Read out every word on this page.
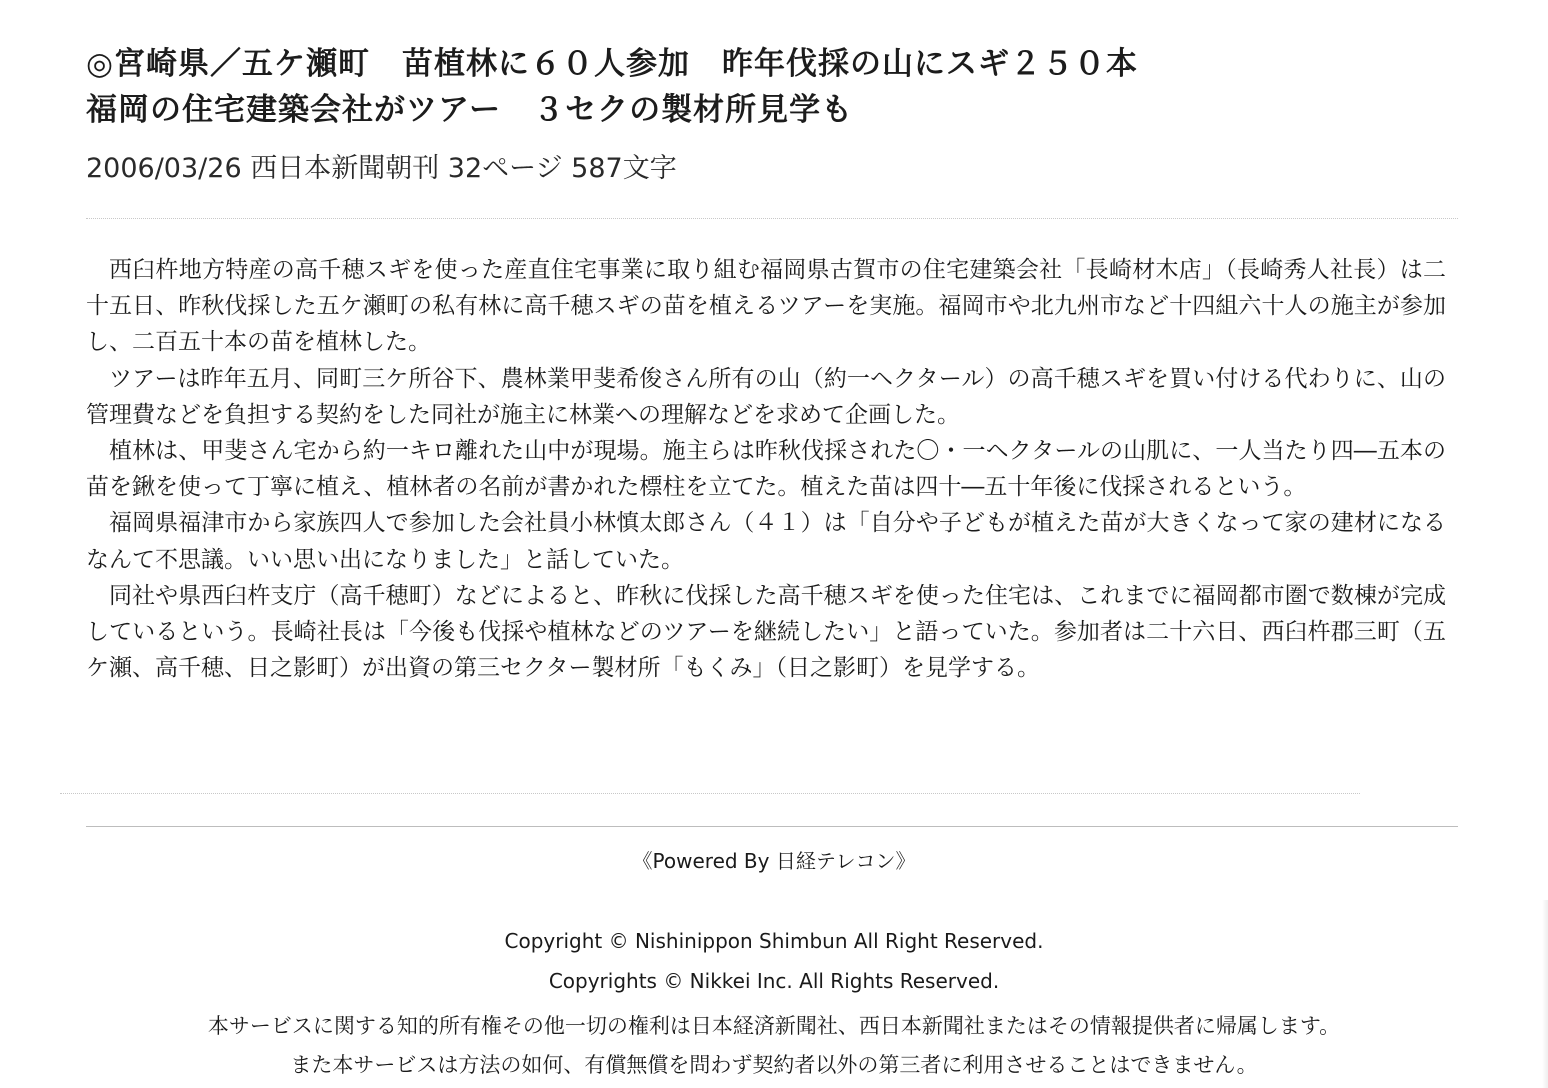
◎宮崎県／五ケ瀬町　苗植林に６０人参加　昨年伐採の山にスギ２５０本
福岡の住宅建築会社がツアー　３セクの製材所見学も
2006/03/26 西日本新聞朝刊 32ページ 587文字

西臼杵地方特産の高千穂スギを使った産直住宅事業に取り組む福岡県古賀市の住宅建築会社「長崎材木店」（長崎秀人社長）は二十五日、昨秋伐採した五ケ瀬町の私有林に高千穂スギの苗を植えるツアーを実施。福岡市や北九州市など十四組六十人の施主が参加し、二百五十本の苗を植林した。

ツアーは昨年五月、同町三ケ所谷下、農林業甲斐希俊さん所有の山（約一ヘクタール）の高千穂スギを買い付ける代わりに、山の管理費などを負担する契約をした同社が施主に林業への理解などを求めて企画した。

植林は、甲斐さん宅から約一キロ離れた山中が現場。施主らは昨秋伐採された〇・一ヘクタールの山肌に、一人当たり四―五本の苗を鍬を使って丁寧に植え、植林者の名前が書かれた標柱を立てた。植えた苗は四十―五十年後に伐採されるという。

福岡県福津市から家族四人で参加した会社員小林慎太郎さん（４１）は「自分や子どもが植えた苗が大きくなって家の建材になるなんて不思議。いい思い出になりました」と話していた。

同社や県西臼杵支庁（高千穂町）などによると、昨秋に伐採した高千穂スギを使った住宅は、これまでに福岡都市圏で数棟が完成しているという。長崎社長は「今後も伐採や植林などのツアーを継続したい」と語っていた。参加者は二十六日、西臼杵郡三町（五ケ瀬、高千穂、日之影町）が出資の第三セクター製材所「もくみ」（日之影町）を見学する。

《Powered By 日経テレコン》
Copyright © Nishinippon Shimbun All Right Reserved.
Copyrights © Nikkei Inc. All Rights Reserved.
本サービスに関する知的所有権その他一切の権利は日本経済新聞社、西日本新聞社またはその情報提供者に帰属します。
また本サービスは方法の如何、有償無償を問わず契約者以外の第三者に利用させることはできません。
